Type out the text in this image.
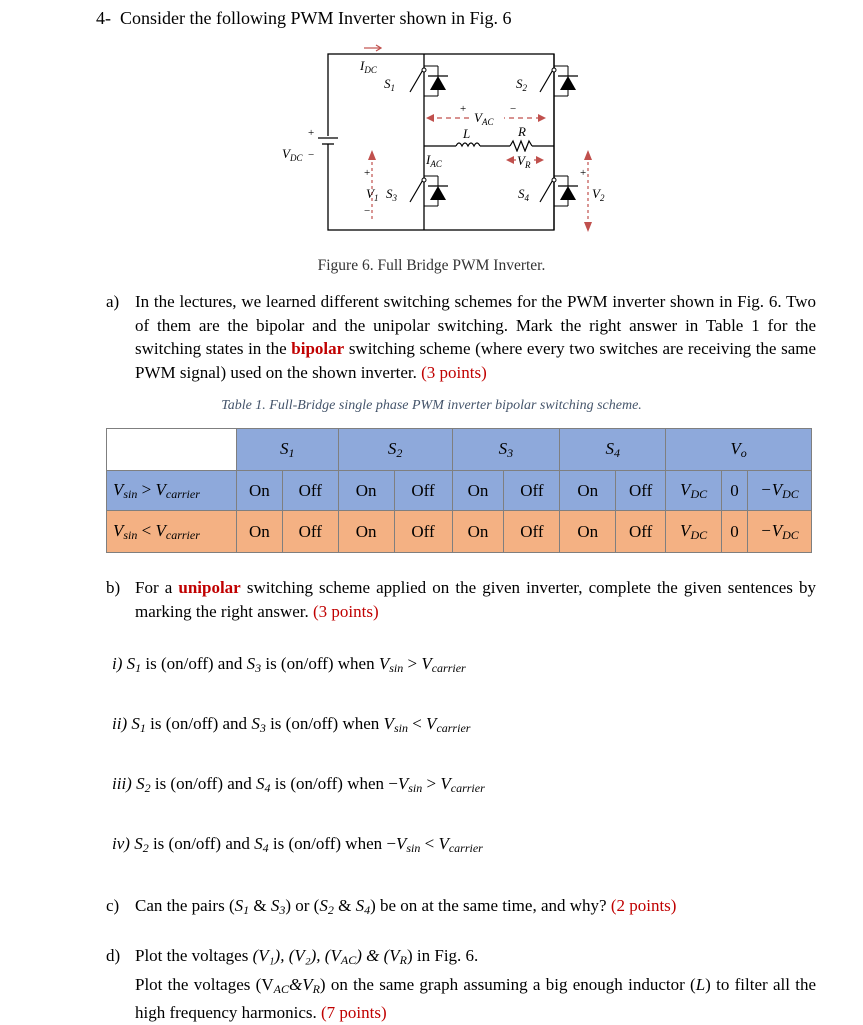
4- Consider the following PWM Inverter shown in Fig. 6
$I_{DC}$
$V_{DC}$
+
−
$S_1$	$S_2$
$S_3$	$S_4$
L	R
$V_{AC}$
+	−
$I_{AC}$	$V_R$
+
−
$V_1$
+
$V_2$
Figure 6. Full Bridge PWM Inverter.
a) In the lectures, we learned different switching schemes for the PWM inverter shown in Fig. 6. Two of them are the bipolar and the unipolar switching. Mark the right answer in Table 1 for the switching states in the bipolar switching scheme (where every two switches are receiving the same PWM signal) used on the shown inverter. (3 points)
Table 1. Full-Bridge single phase PWM inverter bipolar switching scheme.
	$S_1$		$S_2$		$S_3$		$S_4$		$V_o$
$V_{sin} > V_{carrier}$	On	Off	On	Off	On	Off	On	Off	$V_{DC}$	0	$-V_{DC}$
$V_{sin} < V_{carrier}$	On	Off	On	Off	On	Off	On	Off	$V_{DC}$	0	$-V_{DC}$
b) For a unipolar switching scheme applied on the given inverter, complete the given sentences by marking the right answer. (3 points)
i) $S_1$ is (on/off) and $S_3$ is (on/off) when $V_{sin} > V_{carrier}$
ii) $S_1$ is (on/off) and $S_3$ is (on/off) when $V_{sin} < V_{carrier}$
iii) $S_2$ is (on/off) and $S_4$ is (on/off) when $-V_{sin} > V_{carrier}$
iv) $S_2$ is (on/off) and $S_4$ is (on/off) when $-V_{sin} < V_{carrier}$
c) Can the pairs ($S_1$ & $S_3$) or ($S_2$ & $S_4$) be on at the same time, and why? (2 points)
d) Plot the voltages (V₁), (V₂), $(V_{AC})$ & $(V_R)$ in Fig. 6.
Plot the voltages $(V_{AC}\&V_R)$ on the same graph assuming a big enough inductor (L) to filter all the high frequency harmonics. (7 points)
